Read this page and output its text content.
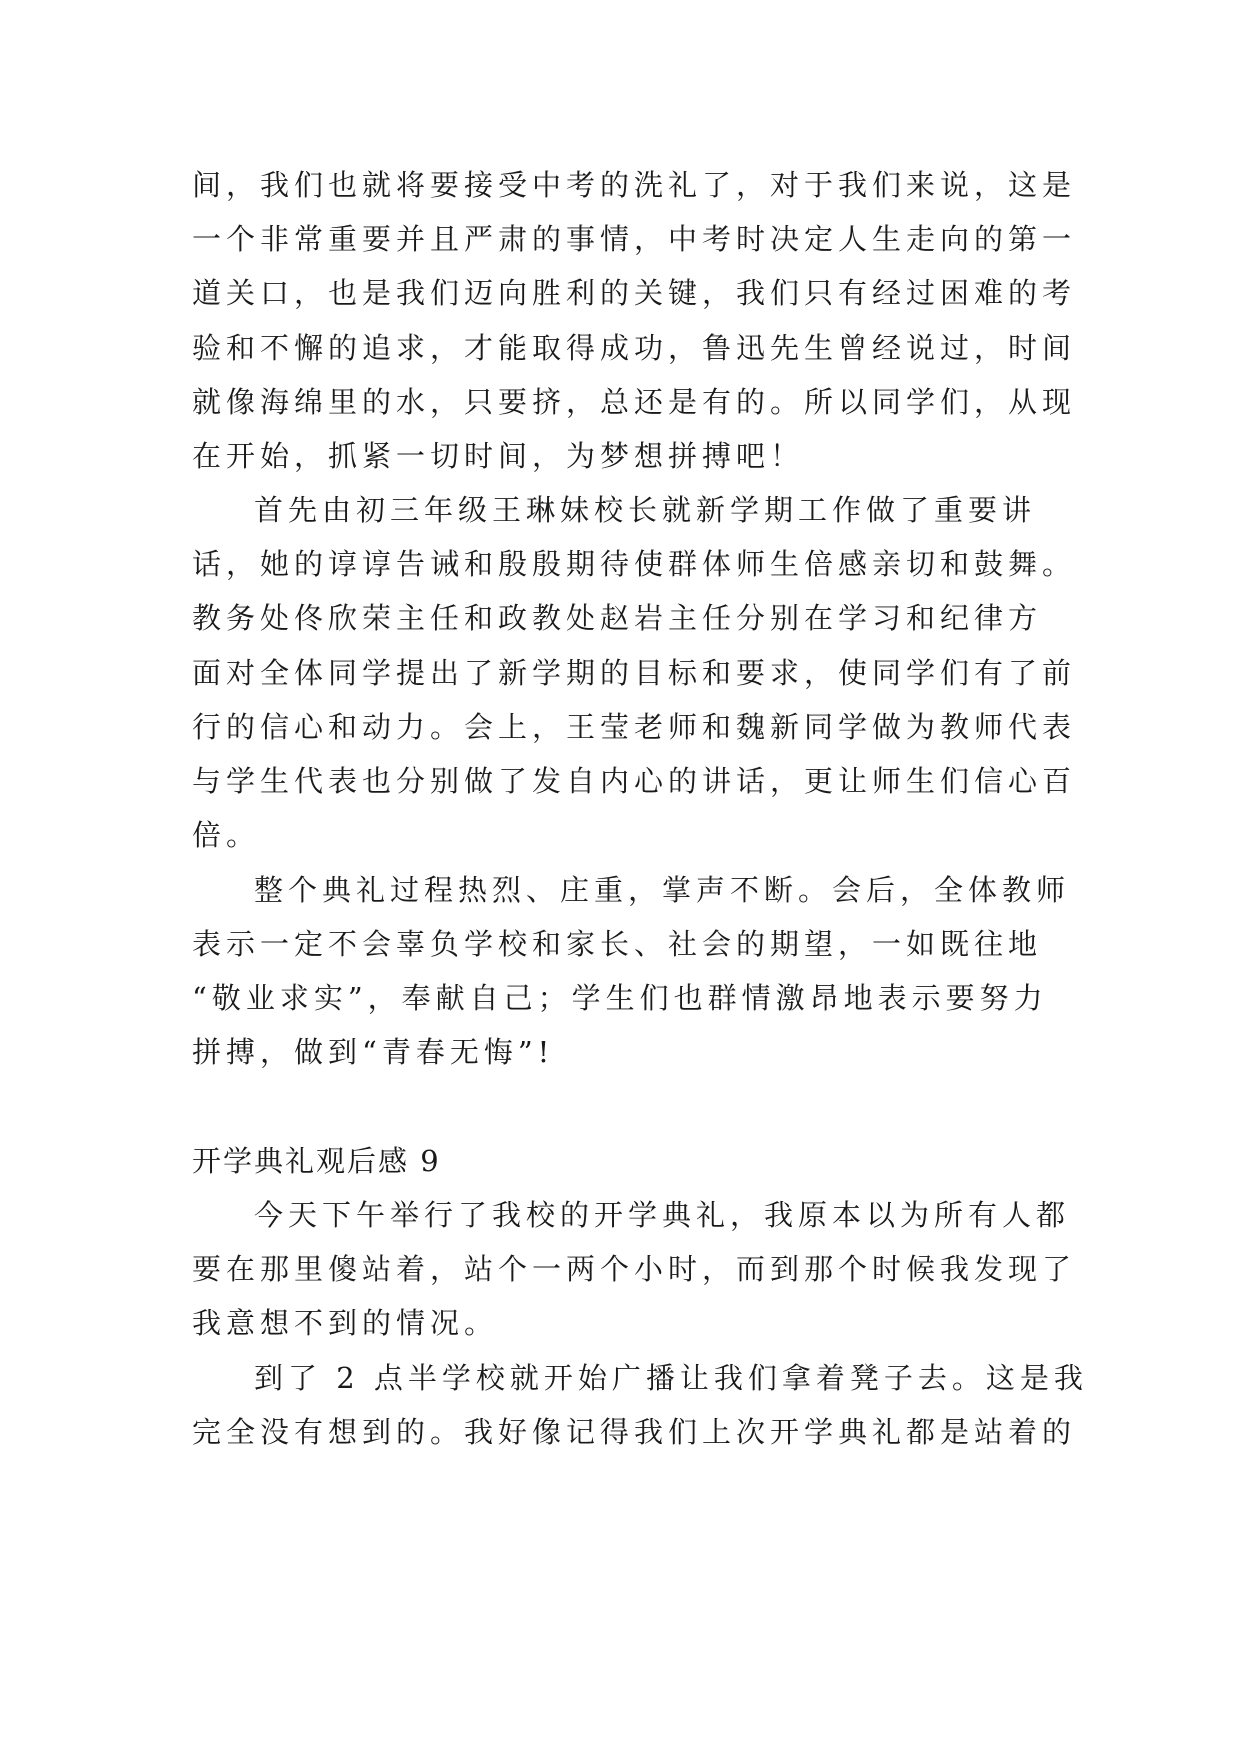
间，我们也就将要接受中考的洗礼了，对于我们来说，这是
一个非常重要并且严肃的事情，中考时决定人生走向的第一
道关口，也是我们迈向胜利的关键，我们只有经过困难的考
验和不懈的追求，才能取得成功，鲁迅先生曾经说过，时间
就像海绵里的水，只要挤，总还是有的。所以同学们，从现
在开始，抓紧一切时间，为梦想拼搏吧！
首先由初三年级王琳妹校长就新学期工作做了重要讲
话，她的谆谆告诫和殷殷期待使群体师生倍感亲切和鼓舞。
教务处佟欣荣主任和政教处赵岩主任分别在学习和纪律方
面对全体同学提出了新学期的目标和要求，使同学们有了前
行的信心和动力。会上，王莹老师和魏新同学做为教师代表
与学生代表也分别做了发自内心的讲话，更让师生们信心百
倍。
整个典礼过程热烈、庄重，掌声不断。会后，全体教师
表示一定不会辜负学校和家长、社会的期望，一如既往地
“敬业求实”，奉献自己；学生们也群情激昂地表示要努力
拼搏，做到“青春无悔”!
开学典礼观后感 9
今天下午举行了我校的开学典礼，我原本以为所有人都
要在那里傻站着，站个一两个小时，而到那个时候我发现了
我意想不到的情况。
到了 2 点半学校就开始广播让我们拿着凳子去。这是我
完全没有想到的。我好像记得我们上次开学典礼都是站着的
